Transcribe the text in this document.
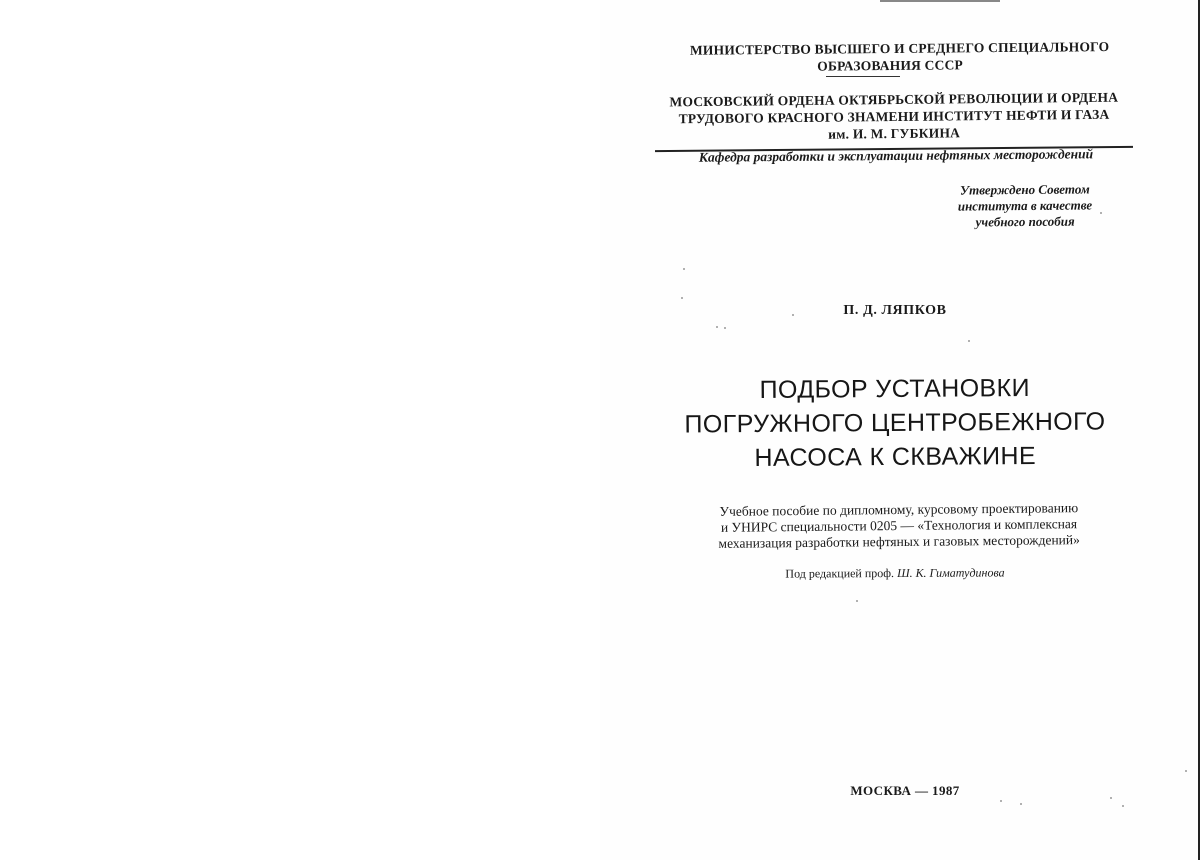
МИНИСТЕРСТВО ВЫСШЕГО И СРЕДНЕГО СПЕЦИАЛЬНОГО
ОБРАЗОВАНИЯ СССР
МОСКОВСКИЙ ОРДЕНА ОКТЯБРЬСКОЙ РЕВОЛЮЦИИ И ОРДЕНА
ТРУДОВОГО КРАСНОГО ЗНАМЕНИ ИНСТИТУТ НЕФТИ И ГАЗА
им. И. М. ГУБКИНА
Кафедра разработки и эксплуатации нефтяных месторождений
Утверждено Советом
института в качестве
учебного пособия
П. Д. ЛЯПКОВ
ПОДБОР УСТАНОВКИ
ПОГРУЖНОГО ЦЕНТРОБЕЖНОГО
НАСОСА К СКВАЖИНЕ
Учебное пособие по дипломному, курсовому проектированию
и УНИРС специальности 0205 — «Технология и комплексная
механизация разработки нефтяных и газовых месторождений»
Под редакцией проф. Ш. К. Гиматудинова
МОСКВА — 1987
